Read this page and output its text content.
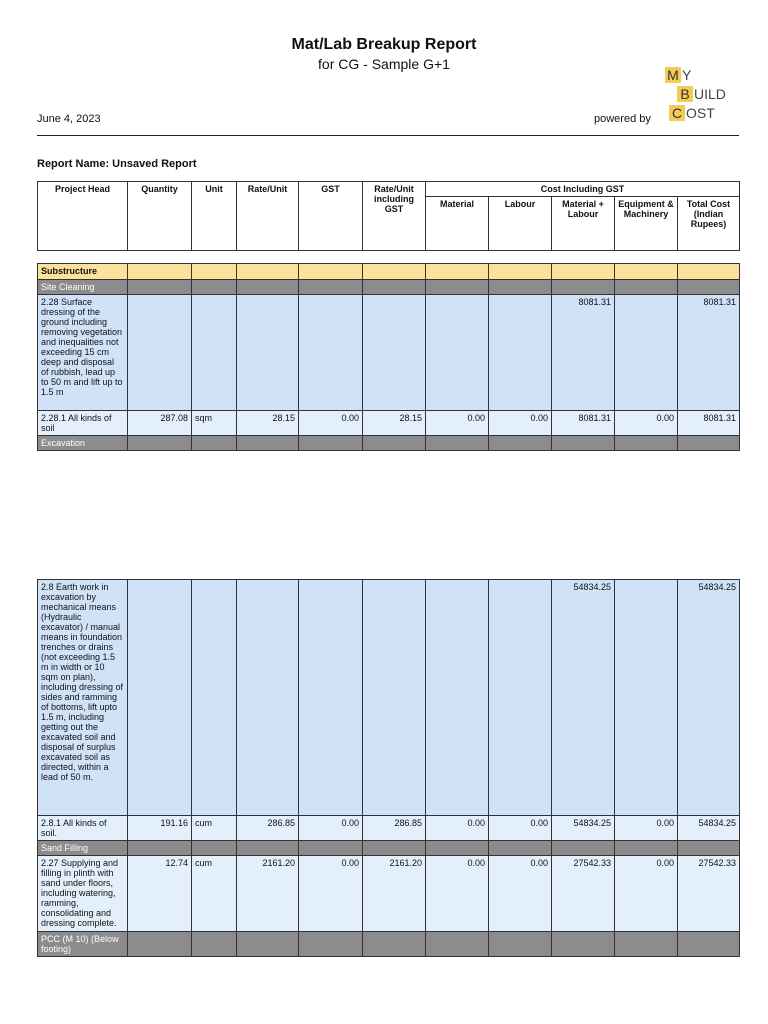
Mat/Lab Breakup Report
for CG - Sample G+1
June 4, 2023	powered by
M Y
B UILD
C OST
Report Name: Unsaved Report
Project Head	Quantity	Unit	Rate/Unit	GST	Rate/Unit including GST	Cost Including GST				
						Material	Labour	Material + Labour	Equipment & Machinery	Total Cost (Indian Rupees)

Substructure										
Site Cleaning										
2.28 Surface dressing of the ground including removing vegetation and inequalities not exceeding 15 cm deep and disposal of rubbish, lead up to 50 m and lift up to 1.5 m								8081.31		8081.31
2.28.1 All kinds of soil	287.08	sqm	28.15	0.00	28.15	0.00	0.00	8081.31	0.00	8081.31
Excavation										
2.8 Earth work in excavation by mechanical means (Hydraulic excavator) / manual means in foundation trenches or drains (not exceeding 1.5 m in width or 10 sqm on plan), including dressing of sides and ramming of bottoms, lift upto 1.5 m, including getting out the excavated soil and disposal of surplus excavated soil as directed, within a lead of 50 m.								54834.25		54834.25
2.8.1 All kinds of soil.	191.16	cum	286.85	0.00	286.85	0.00	0.00	54834.25	0.00	54834.25
Sand Filling										
2.27 Supplying and filling in plinth with sand under floors, including watering, ramming, consolidating and dressing complete.	12.74	cum	2161.20	0.00	2161.20	0.00	0.00	27542.33	0.00	27542.33
PCC (M 10) (Below footing)										
